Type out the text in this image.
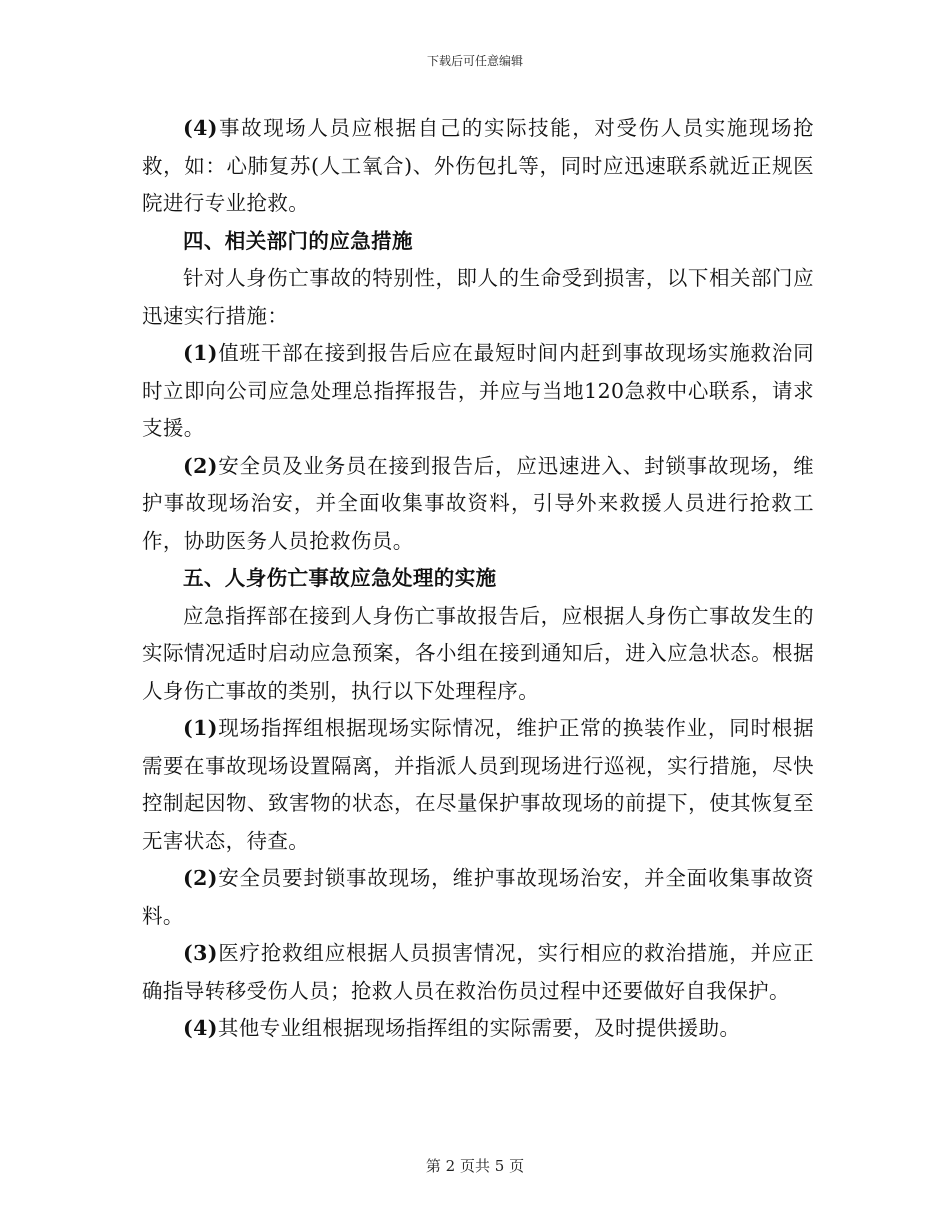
下载后可任意编辑

(4)事故现场人员应根据自己的实际技能，对受伤人员实施现场抢救，如：心肺复苏(人工氧合)、外伤包扎等，同时应迅速联系就近正规医院进行专业抢救。

四、相关部门的应急措施

针对人身伤亡事故的特别性，即人的生命受到损害，以下相关部门应迅速实行措施：

(1)值班干部在接到报告后应在最短时间内赶到事故现场实施救治同时立即向公司应急处理总指挥报告，并应与当地120急救中心联系，请求支援。

(2)安全员及业务员在接到报告后，应迅速进入、封锁事故现场，维护事故现场治安，并全面收集事故资料，引导外来救援人员进行抢救工作，协助医务人员抢救伤员。

五、人身伤亡事故应急处理的实施

应急指挥部在接到人身伤亡事故报告后，应根据人身伤亡事故发生的实际情况适时启动应急预案，各小组在接到通知后，进入应急状态。根据人身伤亡事故的类别，执行以下处理程序。

(1)现场指挥组根据现场实际情况，维护正常的换装作业，同时根据需要在事故现场设置隔离，并指派人员到现场进行巡视，实行措施，尽快控制起因物、致害物的状态，在尽量保护事故现场的前提下，使其恢复至无害状态，待查。

(2)安全员要封锁事故现场，维护事故现场治安，并全面收集事故资料。

(3)医疗抢救组应根据人员损害情况，实行相应的救治措施，并应正确指导转移受伤人员；抢救人员在救治伤员过程中还要做好自我保护。

(4)其他专业组根据现场指挥组的实际需要，及时提供援助。

第 2 页共 5 页
